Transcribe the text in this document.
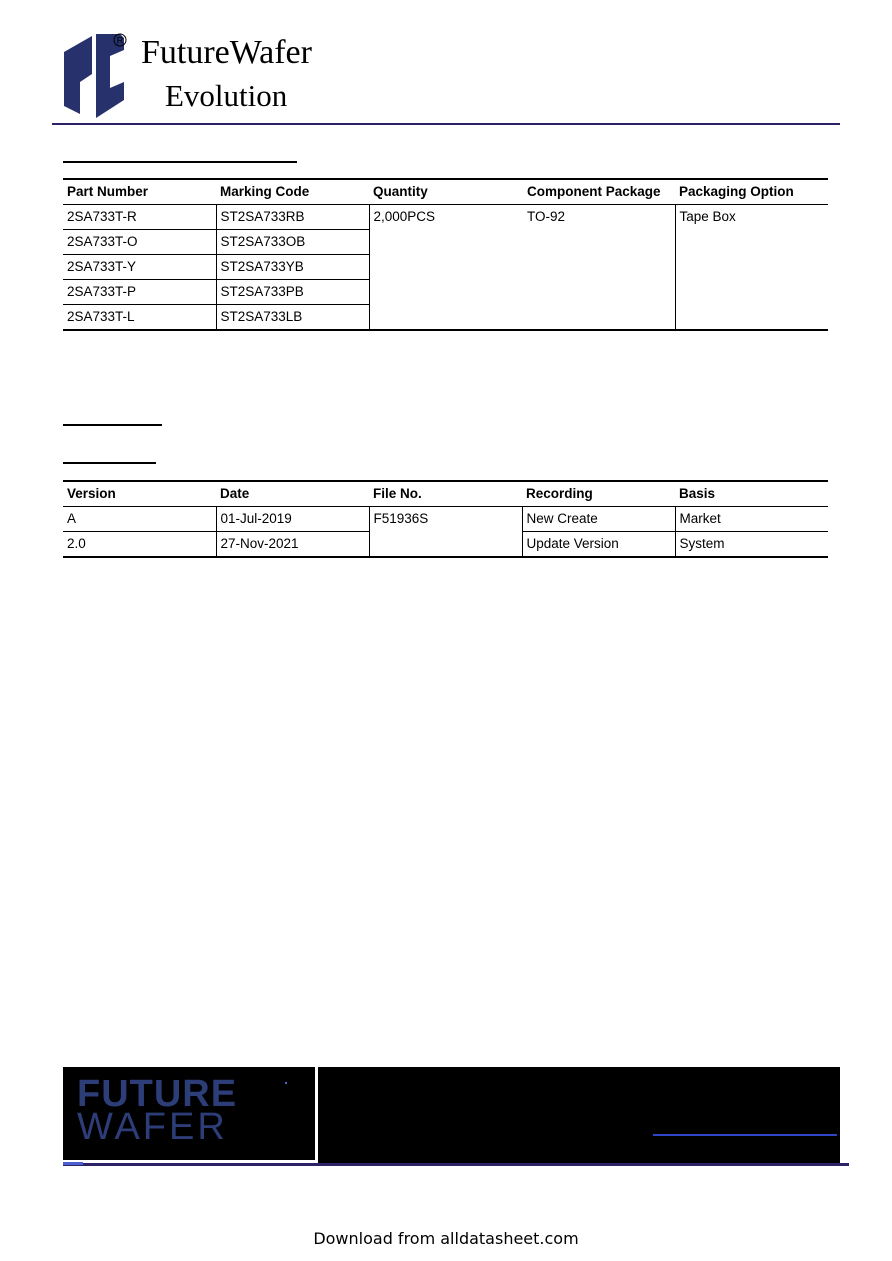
R FutureWafer
Evolution
Part Number	Marking Code	Quantity	Component Package	Packaging Option
2SA733T-R	ST2SA733RB	2,000PCS	TO-92	Tape Box
2SA733T-O	ST2SA733OB			
2SA733T-Y	ST2SA733YB			
2SA733T-P	ST2SA733PB			
2SA733T-L	ST2SA733LB			
Version	Date	File No.	Recording	Basis
A	01-Jul-2019	F51936S	New Create	Market
2.0	27-Nov-2021		Update Version	System
FUTURE
WAFER
Download from alldatasheet.com
